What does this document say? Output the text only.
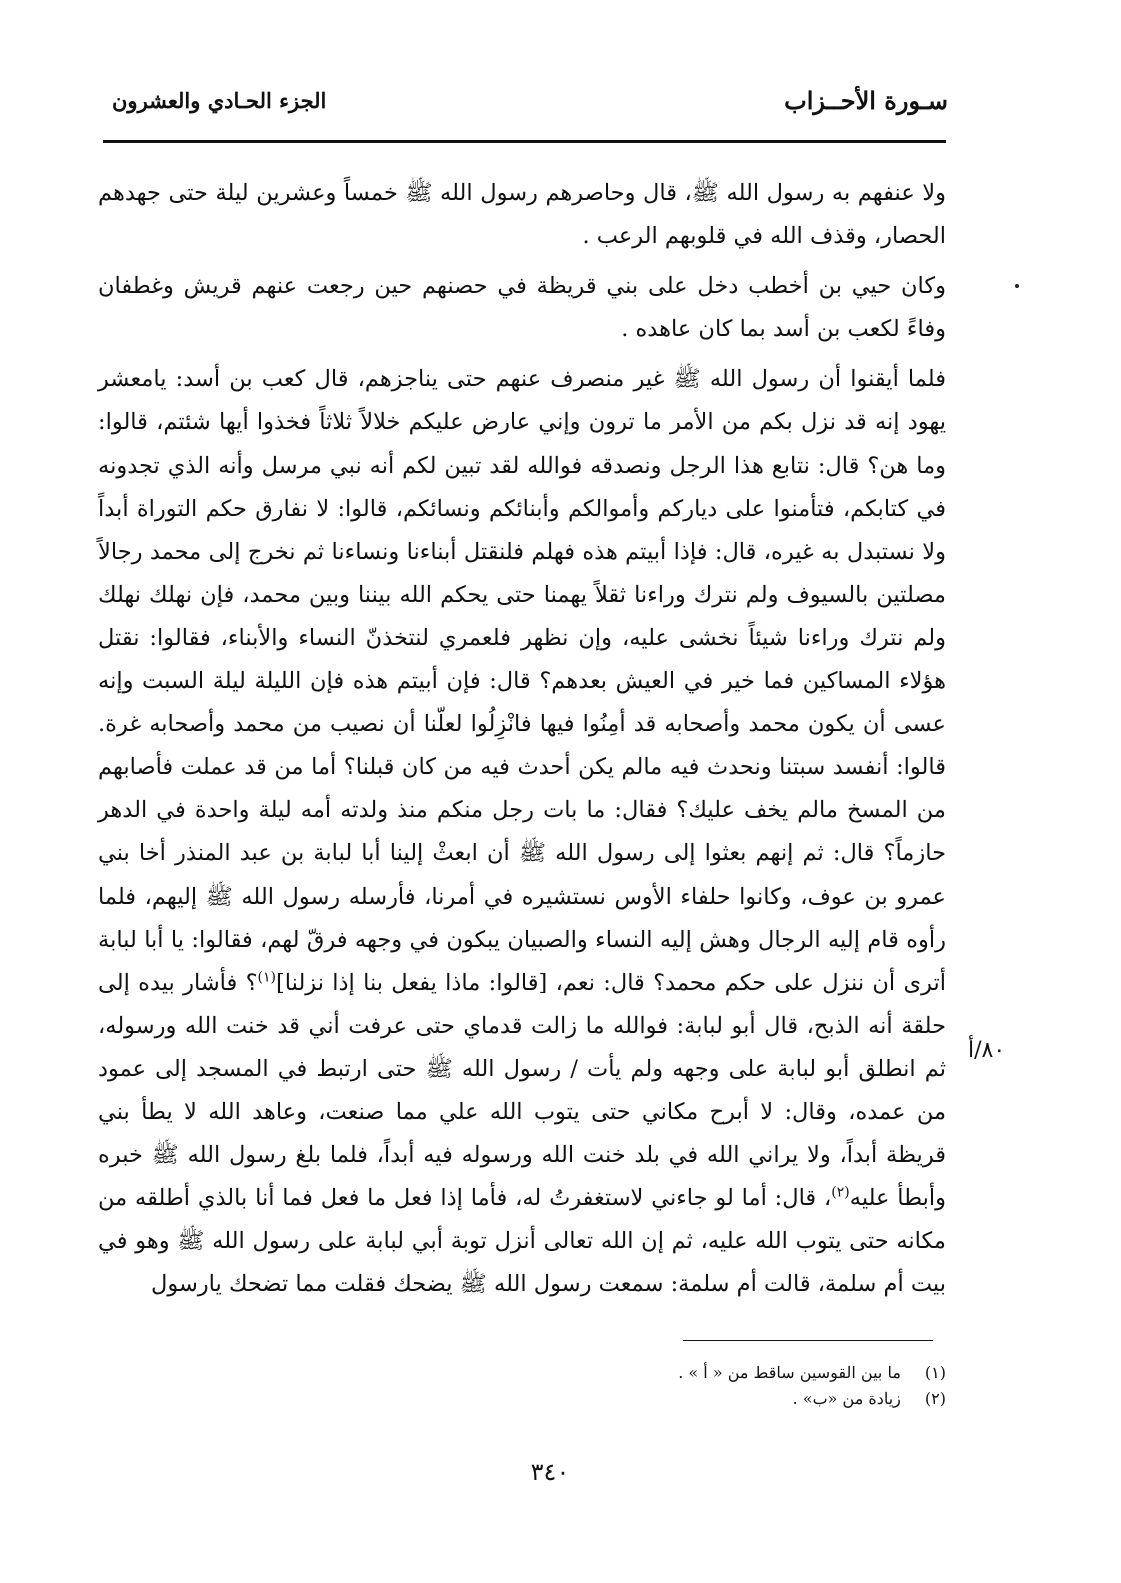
سـورة الأحــزاب
الجزء الحـادي والعشرون

ولا عنفهم به رسول الله ﷺ، قال وحاصرهم رسول الله ﷺ خمساً وعشرين ليلة حتى جهدهم الحصار، وقذف الله في قلوبهم الرعب .

وكان حيي بن أخطب دخل على بني قريظة في حصنهم حين رجعت عنهم قريش وغطفان وفاءً لكعب بن أسد بما كان عاهده .

فلما أيقنوا أن رسول الله ﷺ غير منصرف عنهم حتى يناجزهم، قال كعب بن أسد: يامعشر يهود إنه قد نزل بكم من الأمر ما ترون وإني عارض عليكم خلالاً ثلاثاً فخذوا أيها شئتم، قالوا: وما هن؟ قال: نتابع هذا الرجل ونصدقه فوالله لقد تبين لكم أنه نبي مرسل وأنه الذي تجدونه في كتابكم، فتأمنوا على دياركم وأموالكم وأبنائكم ونسائكم، قالوا: لا نفارق حكم التوراة أبداً ولا نستبدل به غيره، قال: فإذا أبيتم هذه فهلم فلنقتل أبناءنا ونساءنا ثم نخرج إلى محمد رجالاً مصلتين بالسيوف ولم نترك وراءنا ثقلاً يهمنا حتى يحكم الله بيننا وبين محمد، فإن نهلك نهلك ولم نترك وراءنا شيئاً نخشى عليه، وإن نظهر فلعمري لنتخذنّ النساء والأبناء، فقالوا: نقتل هؤلاء المساكين فما خير في العيش بعدهم؟ قال: فإن أبيتم هذه فإن الليلة ليلة السبت وإنه عسى أن يكون محمد وأصحابه قد أمِنُوا فيها فانْزِلُوا لعلّنا أن نصيب من محمد وأصحابه غرة. قالوا: أنفسد سبتنا ونحدث فيه مالم يكن أحدث فيه من كان قبلنا؟ أما من قد عملت فأصابهم من المسخ مالم يخف عليك؟ فقال: ما بات رجل منكم منذ ولدته أمه ليلة واحدة في الدهر حازماً؟ قال: ثم إنهم بعثوا إلى رسول الله ﷺ أن ابعثْ إلينا أبا لبابة بن عبد المنذر أخا بني عمرو بن عوف، وكانوا حلفاء الأوس نستشيره في أمرنا، فأرسله رسول الله ﷺ إليهم، فلما رأوه قام إليه الرجال وهش إليه النساء والصبيان يبكون في وجهه فرقّ لهم، فقالوا: يا أبا لبابة أترى أن ننزل على حكم محمد؟ قال: نعم، [قالوا: ماذا يفعل بنا إذا نزلنا]$^{(١)}$؟ فأشار بيده إلى حلقة أنه الذبح، قال أبو لبابة: فوالله ما زالت قدماي حتى عرفت أني قد خنت الله ورسوله، ثم انطلق أبو لبابة على وجهه ولم يأت / رسول الله ﷺ حتى ارتبط في المسجد إلى عمود من عمده، وقال: لا أبرح مكاني حتى يتوب الله علي مما صنعت، وعاهد الله لا يطأ بني قريظة أبداً، ولا يراني الله في بلد خنت الله ورسوله فيه أبداً، فلما بلغ رسول الله ﷺ خبره وأبطأ عليه$^{(٢)}$، قال: أما لو جاءني لاستغفرتُ له، فأما إذا فعل ما فعل فما أنا بالذي أطلقه من مكانه حتى يتوب الله عليه، ثم إن الله تعالى أنزل توبة أبي لبابة على رسول الله ﷺ وهو في بيت أم سلمة، قالت أم سلمة: سمعت رسول الله ﷺ يضحك فقلت مما تضحك يارسول

٨٠/أ
(١)
ما بين القوسين ساقط من « أ » .
(٢)
زيادة من «ب» .
٣٤٠
